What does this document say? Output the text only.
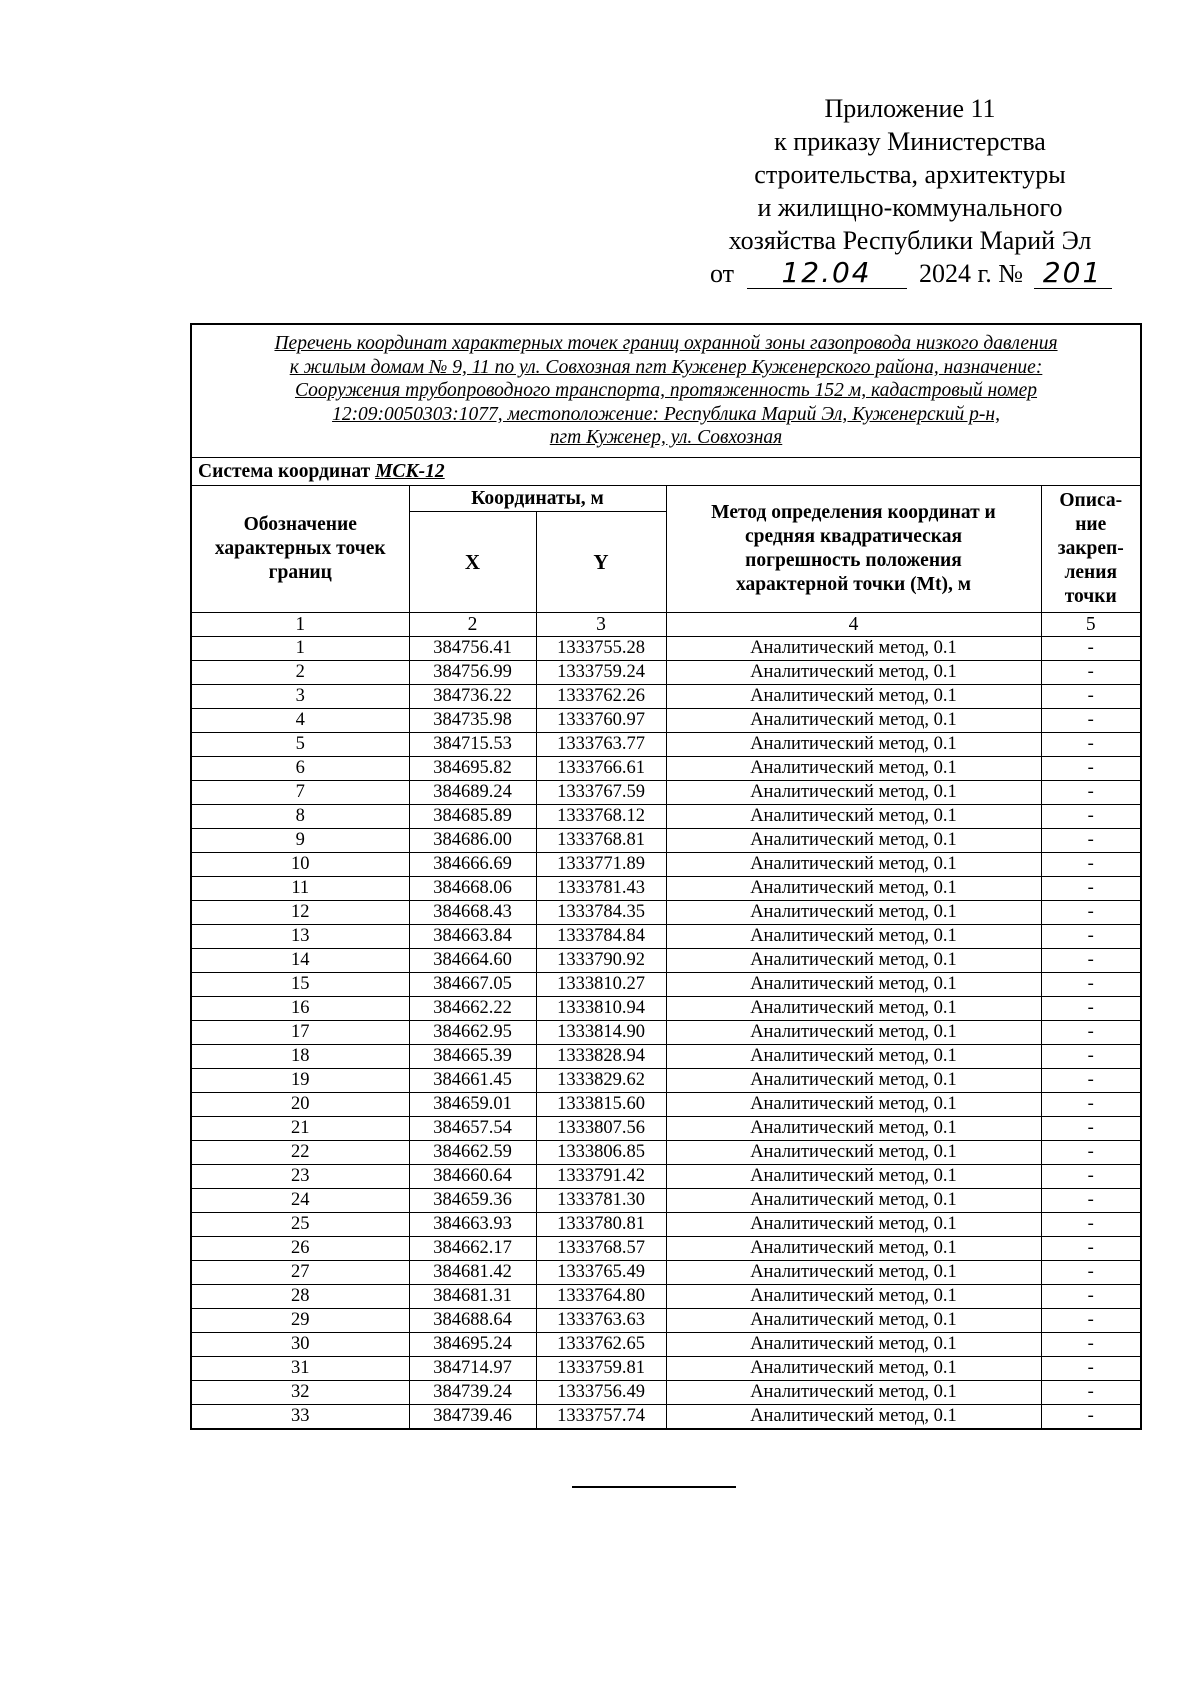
Приложение 11
к приказу Министерства
строительства, архитектуры
и жилищно-коммунального
хозяйства Республики Марий Эл
от 12.04 2024 г. № 201
Перечень координат характерных точек границ охранной зоны газопровода низкого давления
к жилым домам № 9, 11 по ул. Совхозная пгт Куженер Куженерского района, назначение:
Сооружения трубопроводного транспорта, протяженность 152 м, кадастровый номер
12:09:0050303:1077, местоположение: Республика Марий Эл, Куженерский р-н,
пгт Куженер, ул. Совхозная				

Система координат МСК-12				
Обозначение характерных точек границ	Координаты, м		Метод определения координат и средняя квадратическая погрешность положения характерной точки (Mt), м	Описа- ние закреп- ления точки
	X	Y		
1	2	3	4	5
1	384756.41	1333755.28	Аналитический метод, 0.1	-
2	384756.99	1333759.24	Аналитический метод, 0.1	-
3	384736.22	1333762.26	Аналитический метод, 0.1	-
4	384735.98	1333760.97	Аналитический метод, 0.1	-
5	384715.53	1333763.77	Аналитический метод, 0.1	-
6	384695.82	1333766.61	Аналитический метод, 0.1	-
7	384689.24	1333767.59	Аналитический метод, 0.1	-
8	384685.89	1333768.12	Аналитический метод, 0.1	-
9	384686.00	1333768.81	Аналитический метод, 0.1	-
10	384666.69	1333771.89	Аналитический метод, 0.1	-
11	384668.06	1333781.43	Аналитический метод, 0.1	-
12	384668.43	1333784.35	Аналитический метод, 0.1	-
13	384663.84	1333784.84	Аналитический метод, 0.1	-
14	384664.60	1333790.92	Аналитический метод, 0.1	-
15	384667.05	1333810.27	Аналитический метод, 0.1	-
16	384662.22	1333810.94	Аналитический метод, 0.1	-
17	384662.95	1333814.90	Аналитический метод, 0.1	-
18	384665.39	1333828.94	Аналитический метод, 0.1	-
19	384661.45	1333829.62	Аналитический метод, 0.1	-
20	384659.01	1333815.60	Аналитический метод, 0.1	-
21	384657.54	1333807.56	Аналитический метод, 0.1	-
22	384662.59	1333806.85	Аналитический метод, 0.1	-
23	384660.64	1333791.42	Аналитический метод, 0.1	-
24	384659.36	1333781.30	Аналитический метод, 0.1	-
25	384663.93	1333780.81	Аналитический метод, 0.1	-
26	384662.17	1333768.57	Аналитический метод, 0.1	-
27	384681.42	1333765.49	Аналитический метод, 0.1	-
28	384681.31	1333764.80	Аналитический метод, 0.1	-
29	384688.64	1333763.63	Аналитический метод, 0.1	-
30	384695.24	1333762.65	Аналитический метод, 0.1	-
31	384714.97	1333759.81	Аналитический метод, 0.1	-
32	384739.24	1333756.49	Аналитический метод, 0.1	-
33	384739.46	1333757.74	Аналитический метод, 0.1	-
